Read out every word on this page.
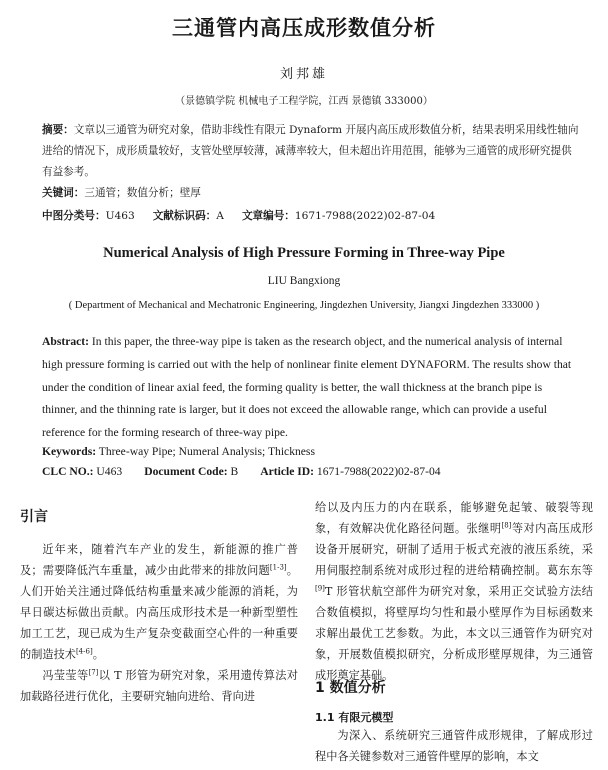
三通管内高压成形数值分析
刘邦雄
（景德镇学院 机械电子工程学院，江西 景德镇 333000）
摘要：文章以三通管为研究对象，借助非线性有限元 Dynaform 开展内高压成形数值分析，结果表明采用线性轴向进给的情况下，成形质量较好，支管处壁厚较薄，减薄率较大，但未超出许用范围，能够为三通管的成形研究提供有益参考。
关键词：三通管；数值分析；壁厚
中图分类号：U463 文献标识码：A 文章编号：1671-7988(2022)02-87-04
Numerical Analysis of High Pressure Forming in Three-way Pipe
LIU Bangxiong
( Department of Mechanical and Mechatronic Engineering, Jingdezhen University, Jiangxi Jingdezhen 333000 )
Abstract: In this paper, the three-way pipe is taken as the research object, and the numerical analysis of internal high pressure forming is carried out with the help of nonlinear finite element DYNAFORM. The results show that under the condition of linear axial feed, the forming quality is better, the wall thickness at the branch pipe is thinner, and the thinning rate is larger, but it does not exceed the allowable range, which can provide a useful reference for the forming research of three-way pipe.
Keywords: Three-way Pipe; Numeral Analysis; Thickness
CLC NO.: U463 Document Code: B Article ID: 1671-7988(2022)02-87-04
引言

近年来，随着汽车产业的发生，新能源的推广普及；需要降低汽车重量，减少由此带来的排放问题[1-3]。人们开始关注通过降低结构重量来减少能源的消耗，为早日碳达标做出贡献。内高压成形技术是一种新型塑性加工工艺，现已成为生产复杂变截面空心件的一种重要的制造技术[4-6]。

冯莹莹等[7]以 T 形管为研究对象，采用遗传算法对加载路径进行优化，主要研究轴向进给、背向进

给以及内压力的内在联系，能够避免起皱、破裂等现象，有效解决优化路径问题。张继明[8]等对内高压成形设备开展研究，研制了适用于板式充液的液压系统，采用伺服控制系统对成形过程的进给精确控制。葛东东等[9]T 形管状航空部件为研究对象，采用正交试验方法结合数值模拟，将壁厚均匀性和最小壁厚作为目标函数来求解出最优工艺参数。为此，本文以三通管作为研究对象，开展数值模拟研究，分析成形壁厚规律，为三通管成形奠定基础。

1 数值分析
1.1 有限元模型

为深入、系统研究三通管件成形规律，了解成形过程中各关键参数对三通管件壁厚的影响，本文
